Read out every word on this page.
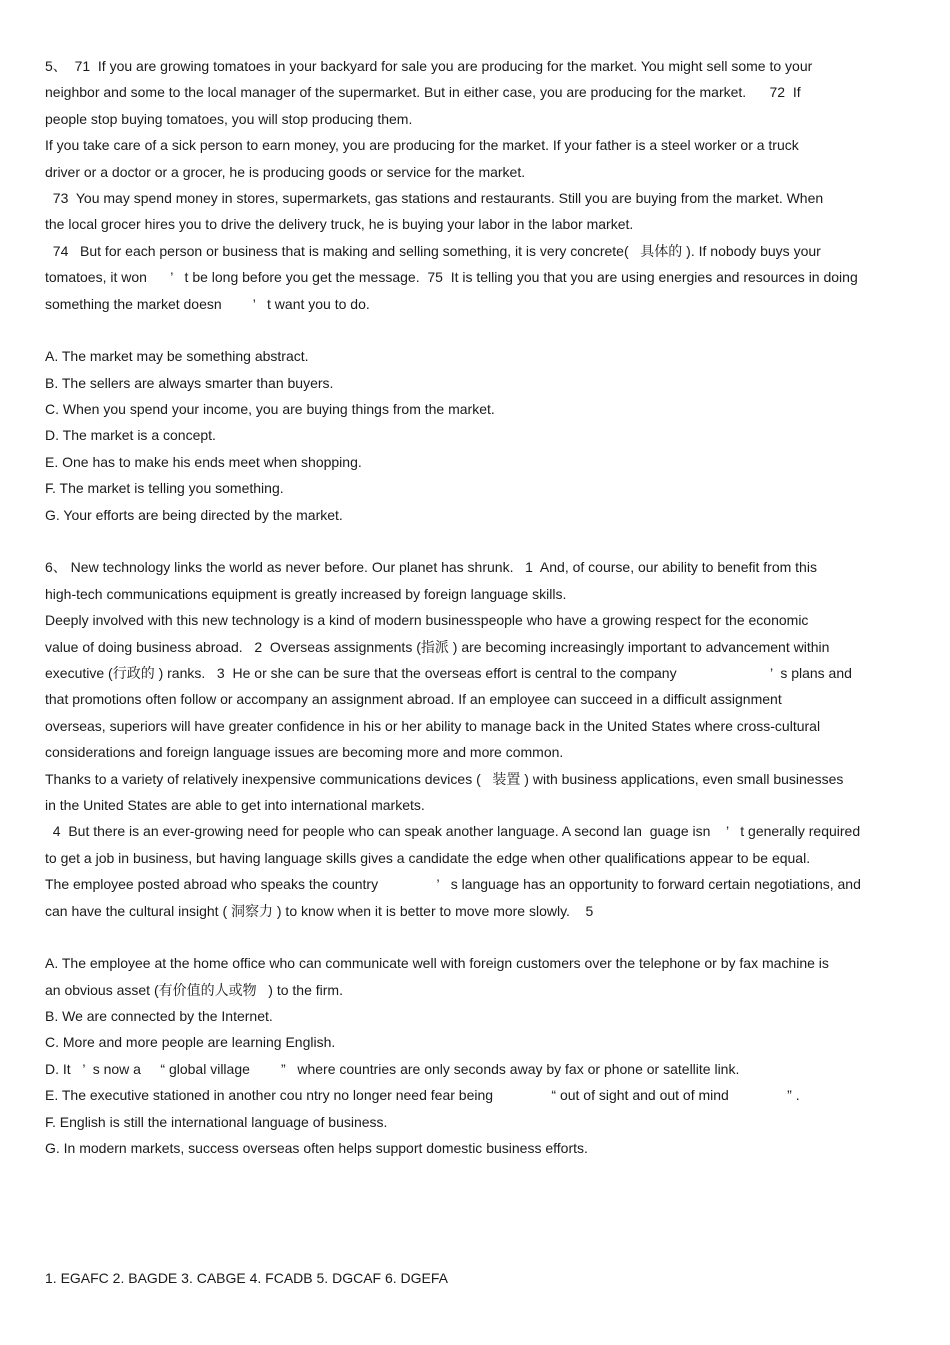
5、  71  If you are growing tomatoes in your backyard for sale you are producing for the market. You might sell some to your
neighbor and some to the local manager of the supermarket. But in either case, you are producing for the market.      72  If
people stop buying tomatoes, you will stop producing them.
If you take care of a sick person to earn money, you are producing for the market. If your father is a steel worker or a truck
driver or a doctor or a grocer, he is producing goods or service for the market.
73  You may spend money in stores, supermarkets, gas stations and restaurants. Still you are buying from the market. When
the local grocer hires you to drive the delivery truck, he is buying your labor in the labor market.
74   But for each person or business that is making and selling something, it is very concrete(   具体的 ). If nobody buys your
tomatoes, it won      ’   t be long before you get the message.  75  It is telling you that you are using energies and resources in doing
something the market doesn        ’   t want you to do.
A. The market may be something abstract.
B. The sellers are always smarter than buyers.
C. When you spend your income, you are buying things from the market.
D. The market is a concept.
E. One has to make his ends meet when shopping.
F. The market is telling you something.
G. Your efforts are being directed by the market.
6、 New technology links the world as never before. Our planet has shrunk.   1  And, of course, our ability to benefit from this
high-tech communications equipment is greatly increased by foreign language skills.
Deeply involved with this new technology is a kind of modern businesspeople who have a growing respect for the economic
value of doing business abroad.   2  Overseas assignments (指派 ) are becoming increasingly important to advancement within
executive (行政的 ) ranks.   3  He or she can be sure that the overseas effort is central to the company                        ’  s plans and
that promotions often follow or accompany an assignment abroad. If an employee can succeed in a difficult assignment
overseas, superiors will have greater confidence in his or her ability to manage back in the United States where cross-cultural
considerations and foreign language issues are becoming more and more common.
Thanks to a variety of relatively inexpensive communications devices (   装置 ) with business applications, even small businesses
in the United States are able to get into international markets.
4  But there is an ever-growing need for people who can speak another language. A second lan  guage isn    ’   t generally required
to get a job in business, but having language skills gives a candidate the edge when other qualifications appear to be equal.
The employee posted abroad who speaks the country               ’   s language has an opportunity to forward certain negotiations, and
can have the cultural insight ( 洞察力 ) to know when it is better to move more slowly.    5
A. The employee at the home office who can communicate well with foreign customers over the telephone or by fax machine is
an obvious asset (有价值的人或物   ) to the firm.
B. We are connected by the Internet.
C. More and more people are learning English.
D. It   ’  s now a     “ global village        ”   where countries are only seconds away by fax or phone or satellite link.
E. The executive stationed in another cou ntry no longer need fear being               “ out of sight and out of mind               ” .
F. English is still the international language of business.
G. In modern markets, success overseas often helps support domestic business efforts.
1. EGAFC 2. BAGDE 3. CABGE 4. FCADB 5. DGCAF 6. DGEFA
